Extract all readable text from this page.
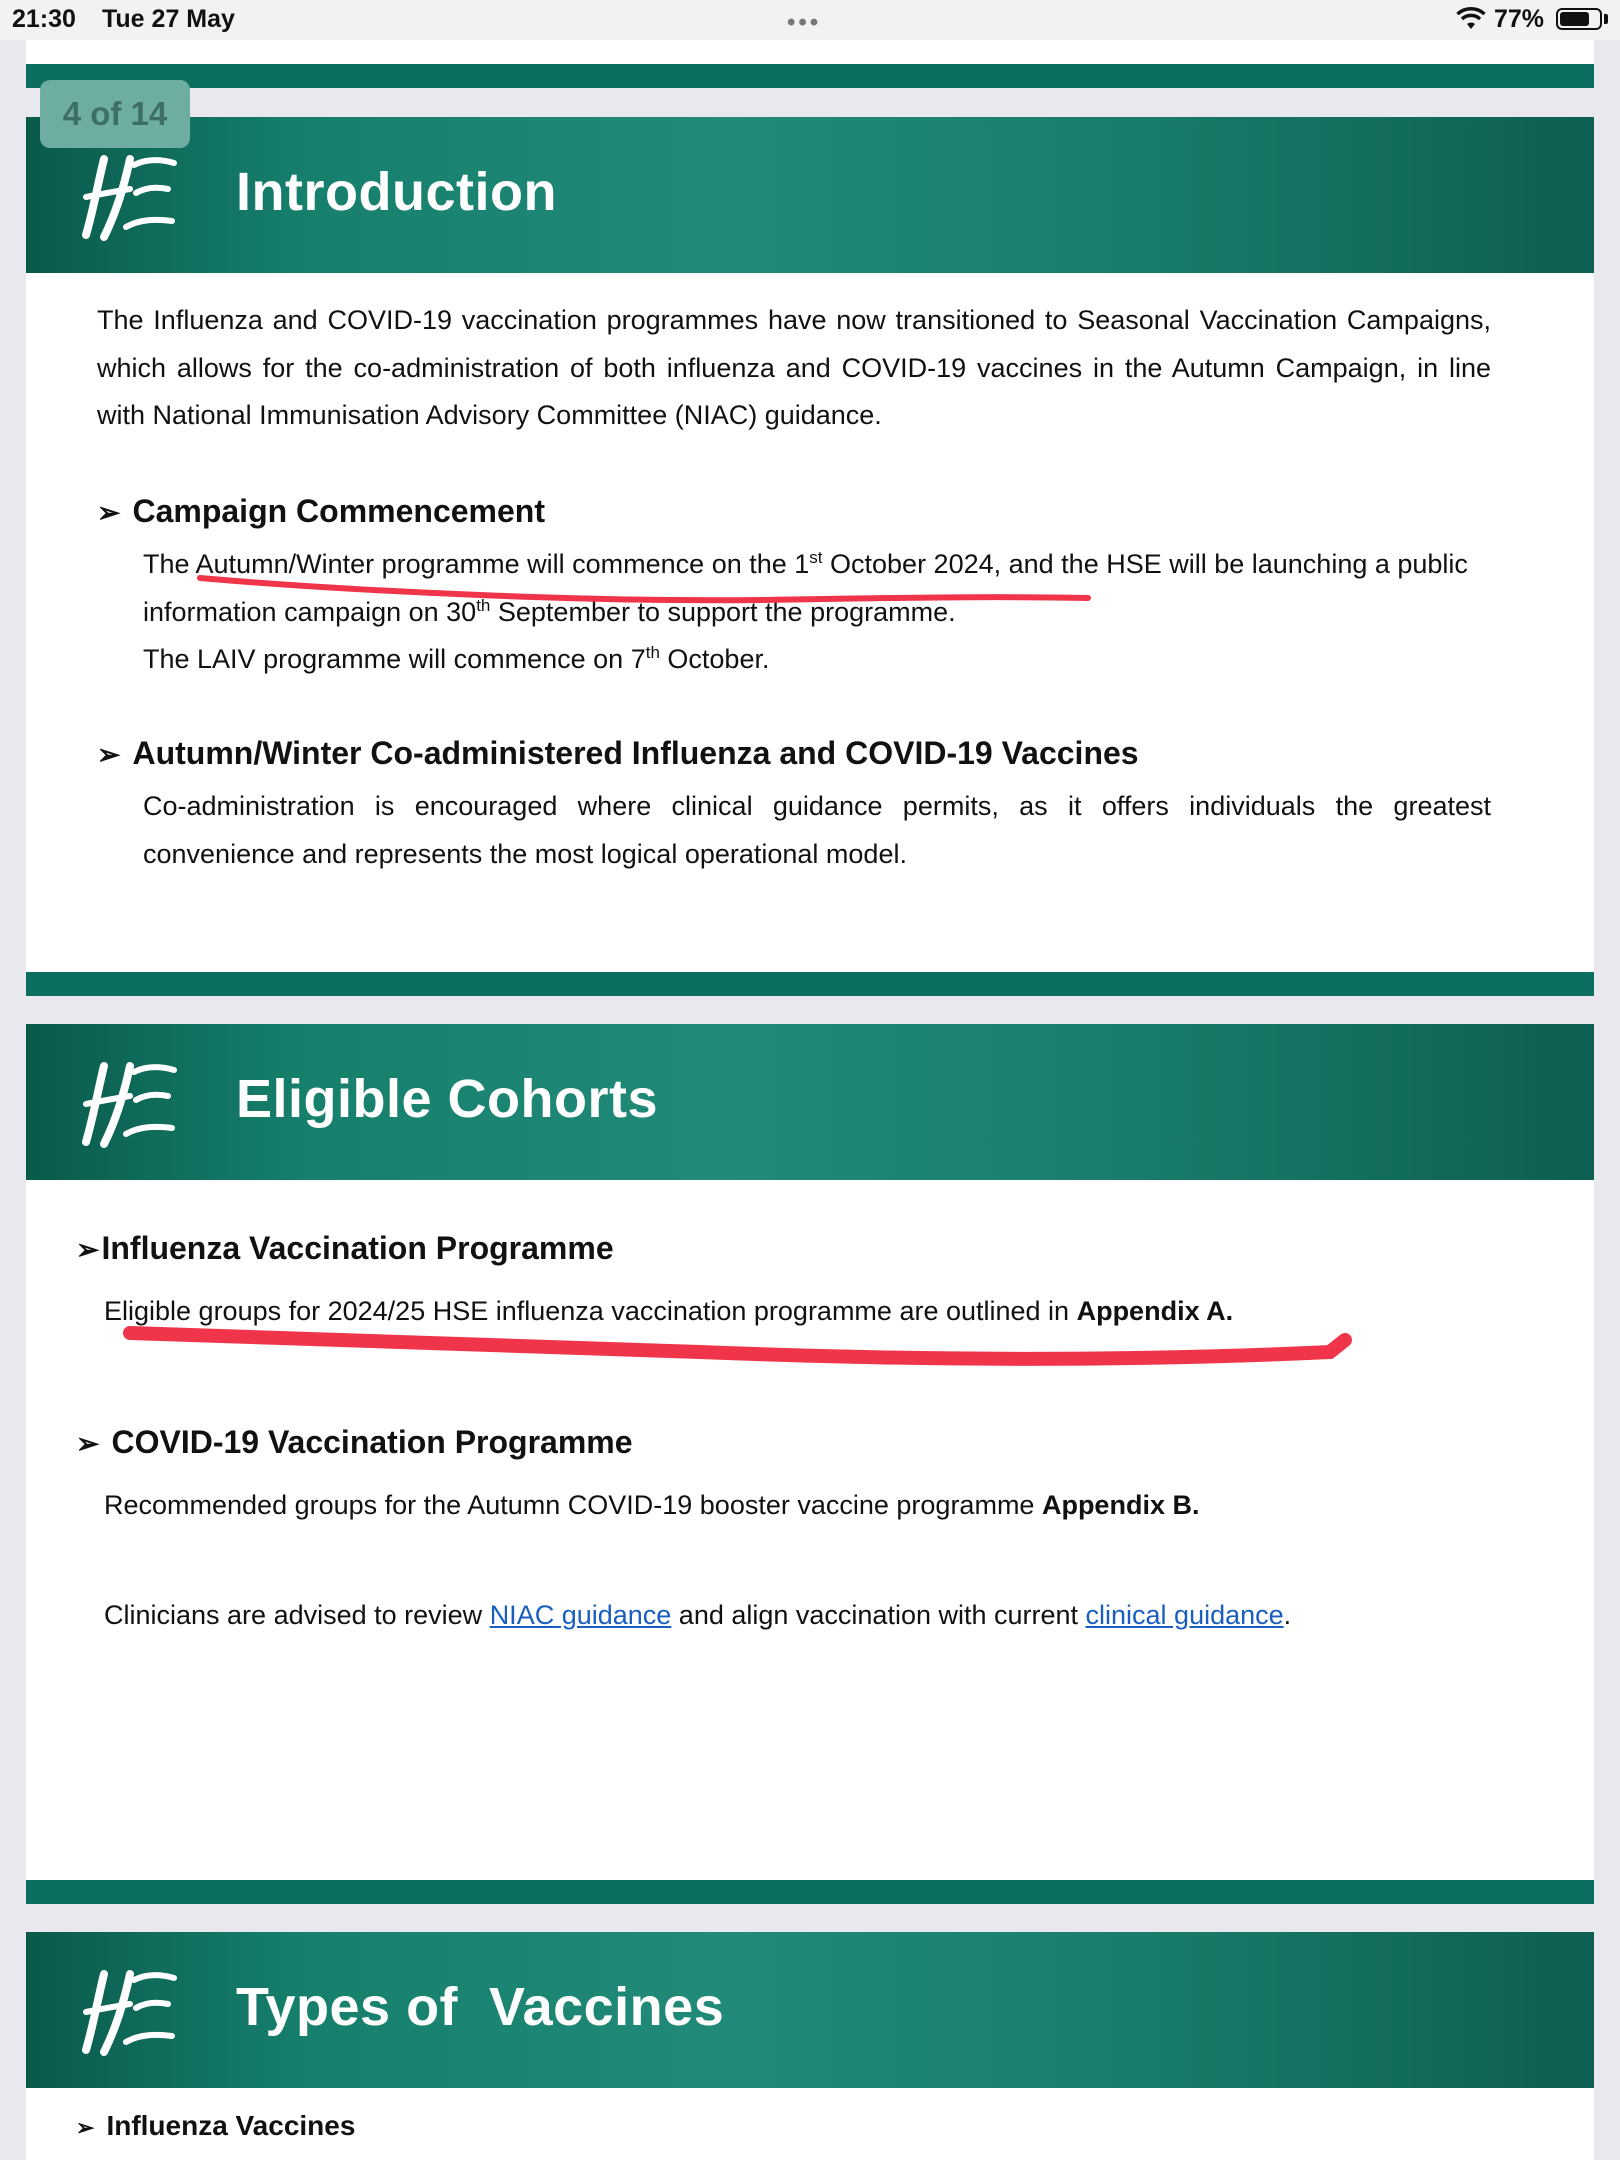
21:30 Tue 27 May	•••	77%
4 of 14
Introduction
The Influenza and COVID-19 vaccination programmes have now transitioned to Seasonal Vaccination Campaigns, which allows for the co-administration of both influenza and COVID-19 vaccines in the Autumn Campaign, in line with National Immunisation Advisory Committee (NIAC) guidance.
➢ Campaign Commencement
The Autumn/Winter programme will commence on the 1st October 2024, and the HSE will be launching a public information campaign on 30th September to support the programme.
The LAIV programme will commence on 7th October.
➢ Autumn/Winter Co-administered Influenza and COVID-19 Vaccines
Co-administration is encouraged where clinical guidance permits, as it offers individuals the greatest convenience and represents the most logical operational model.
Eligible Cohorts
➢Influenza Vaccination Programme
Eligible groups for 2024/25 HSE influenza vaccination programme are outlined in Appendix A.
➢ COVID-19 Vaccination Programme
Recommended groups for the Autumn COVID-19 booster vaccine programme Appendix B.
Clinicians are advised to review NIAC guidance and align vaccination with current clinical guidance.
Types of  Vaccines
➢ Influenza Vaccines
